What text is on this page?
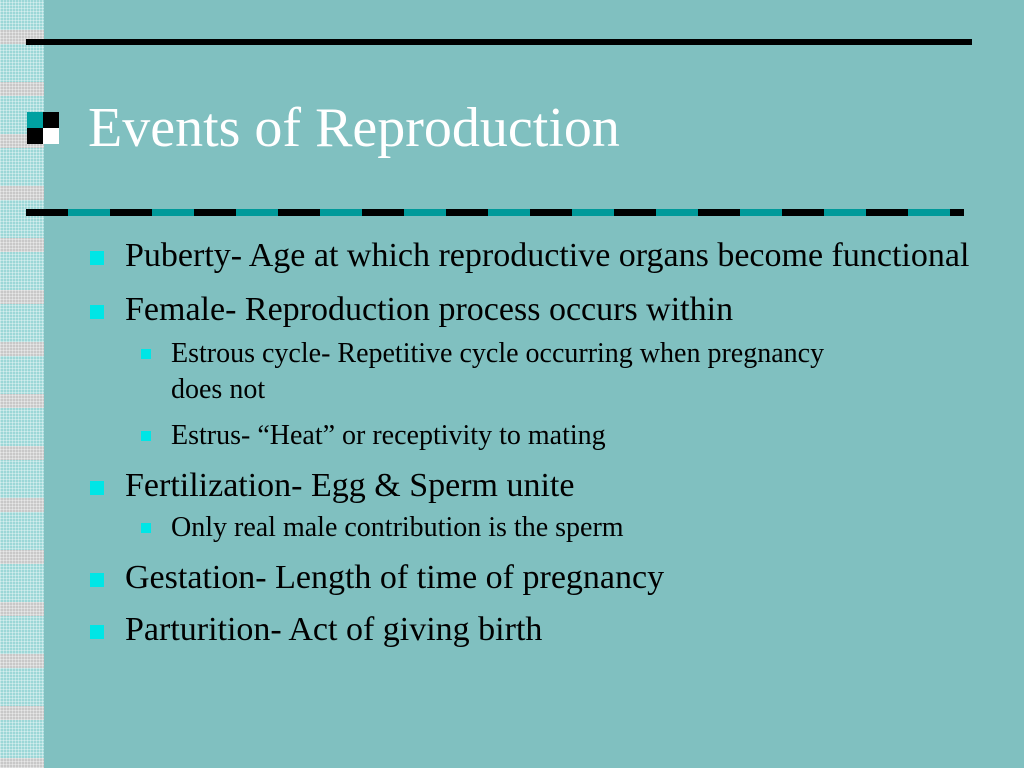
Events of Reproduction
Puberty- Age at which reproductive organs become functional
Female- Reproduction process occurs within
Estrous cycle- Repetitive cycle occurring when pregnancy does not
Estrus- “Heat” or receptivity to mating
Fertilization- Egg & Sperm unite
Only real male contribution is the sperm
Gestation- Length of time of pregnancy
Parturition- Act of giving birth
